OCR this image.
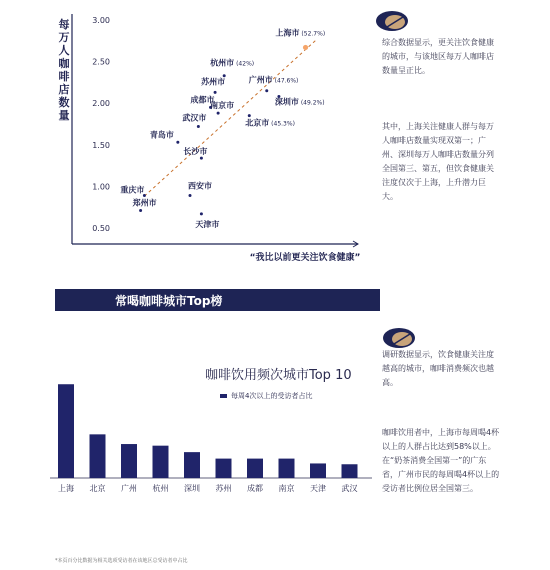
0.50
1.00
1.50
2.00
2.50
3.00
上海市 (52.7%)
杭州市 (42%)
苏州市
成都市
南京市
广州市 (47.6%)
深圳市 (49.2%)
北京市 (45.3%)
武汉市
青岛市
长沙市
重庆市
郑州市
西安市
天津市
每万人咖啡店数量
“我比以前更关注饮食健康”
综合数据显示，更关注饮食健康的城市，与该地区每万人咖啡店数量呈正比。
其中，上海关注健康人群与每万人咖啡店数量实现双第一；广州、深圳每万人咖啡店数量分列全国第三、第五，但饮食健康关注度仅次于上海，上升潜力巨大。
常喝咖啡城市Top榜
调研数据显示，饮食健康关注度越高的城市，咖啡消费频次也越高。
咖啡饮用者中，上海市每周喝4杯以上的人群占比达到58%以上。在“奶茶消费全国第一”的广东省，广州市民的每周喝4杯以上的受访者比例位居全国第三。
上海 北京 广州 杭州 深圳 苏州 成都 南京 天津 武汉
咖啡饮用频次城市Top 10
每周4次以上的受访者占比
*本页百分比数据为相关选项受访者在该地区总受访者中占比
